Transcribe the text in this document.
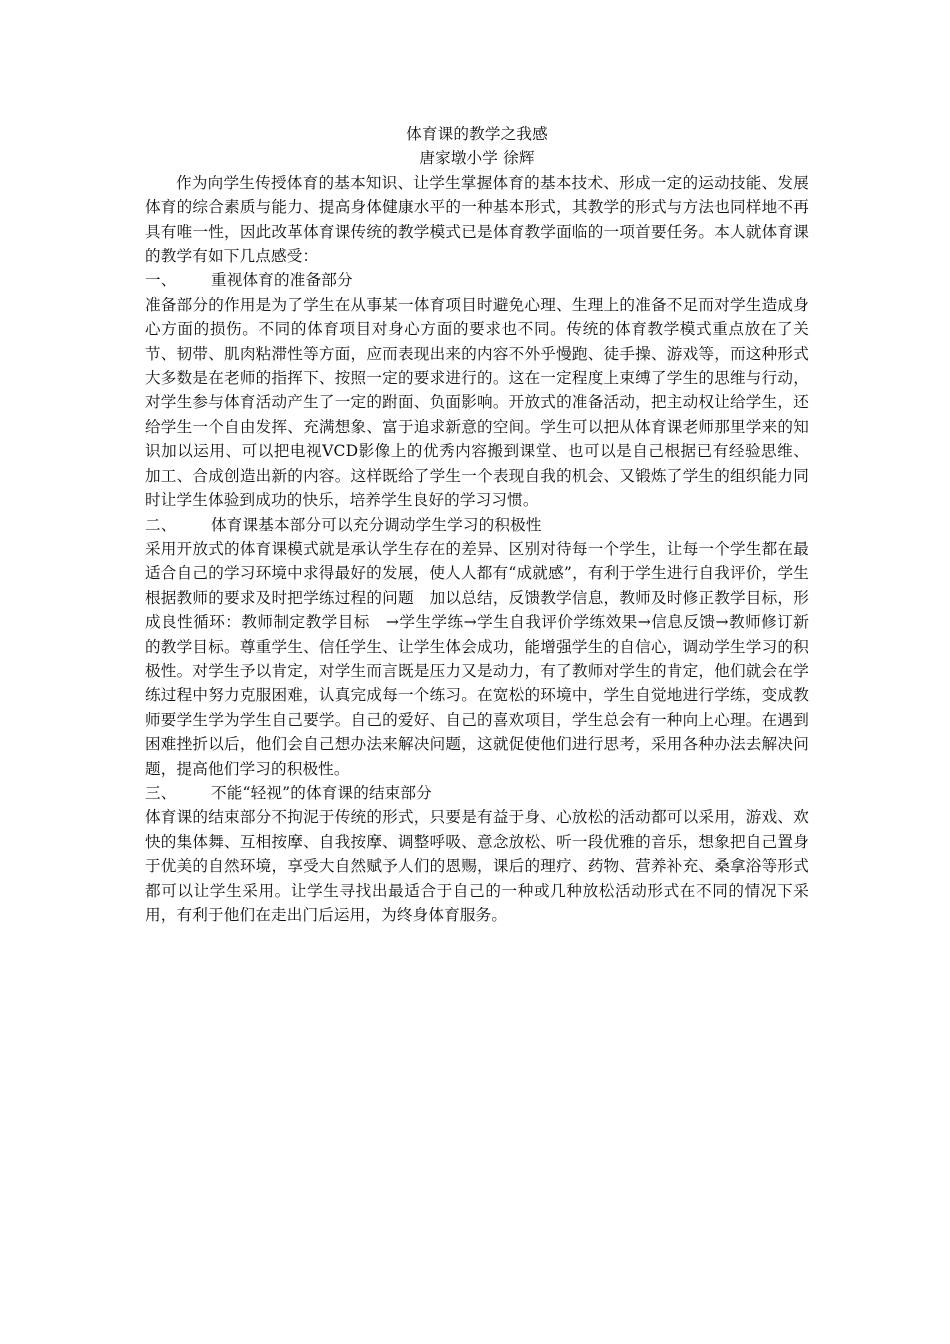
体育课的教学之我感

唐家墩小学 徐辉

作为向学生传授体育的基本知识、让学生掌握体育的基本技术、形成一定的运动技能、发展体育的综合素质与能力、提高身体健康水平的一种基本形式，其教学的形式与方法也同样地不再具有唯一性，因此改革体育课传统的教学模式已是体育教学面临的一项首要任务。本人就体育课的教学有如下几点感受：

一、 重视体育的准备部分

准备部分的作用是为了学生在从事某一体育项目时避免心理、生理上的准备不足而对学生造成身心方面的损伤。不同的体育项目对身心方面的要求也不同。传统的体育教学模式重点放在了关节、韧带、肌肉粘滞性等方面，应而表现出来的内容不外乎慢跑、徒手操、游戏等，而这种形式大多数是在老师的指挥下、按照一定的要求进行的。这在一定程度上束缚了学生的思维与行动，对学生参与体育活动产生了一定的跗面、负面影响。开放式的准备活动，把主动权让给学生，还给学生一个自由发挥、充满想象、富于追求新意的空间。学生可以把从体育课老师那里学来的知识加以运用、可以把电视VCD影像上的优秀内容搬到课堂、也可以是自己根据已有经验思维、加工、合成创造出新的内容。这样既给了学生一个表现自我的机会、又锻炼了学生的组织能力同时让学生体验到成功的快乐，培养学生良好的学习习惯。

二、 体育课基本部分可以充分调动学生学习的积极性

采用开放式的体育课模式就是承认学生存在的差异、区别对待每一个学生，让每一个学生都在最适合自己的学习环境中求得最好的发展，使人人都有“成就感”，有利于学生进行自我评价，学生根据教师的要求及时把学练过程的问题　加以总结，反馈教学信息，教师及时修正教学目标，形成良性循环：教师制定教学目标　→学生学练→学生自我评价学练效果→信息反馈→教师修订新的教学目标。尊重学生、信任学生、让学生体会成功，能增强学生的自信心，调动学生学习的积极性。对学生予以肯定，对学生而言既是压力又是动力，有了教师对学生的肯定，他们就会在学练过程中努力克服困难，认真完成每一个练习。在宽松的环境中，学生自觉地进行学练，变成教师要学生学为学生自己要学。自己的爱好、自己的喜欢项目，学生总会有一种向上心理。在遇到困难挫折以后，他们会自己想办法来解决问题，这就促使他们进行思考，采用各种办法去解决问题，提高他们学习的积极性。

三、 不能“轻视”的体育课的结束部分

体育课的结束部分不拘泥于传统的形式，只要是有益于身、心放松的活动都可以采用，游戏、欢快的集体舞、互相按摩、自我按摩、调整呼吸、意念放松、听一段优雅的音乐，想象把自己置身于优美的自然环境，享受大自然赋予人们的恩赐，课后的理疗、药物、营养补充、桑拿浴等形式都可以让学生采用。让学生寻找出最适合于自己的一种或几种放松活动形式在不同的情况下采用，有利于他们在走出门后运用，为终身体育服务。
